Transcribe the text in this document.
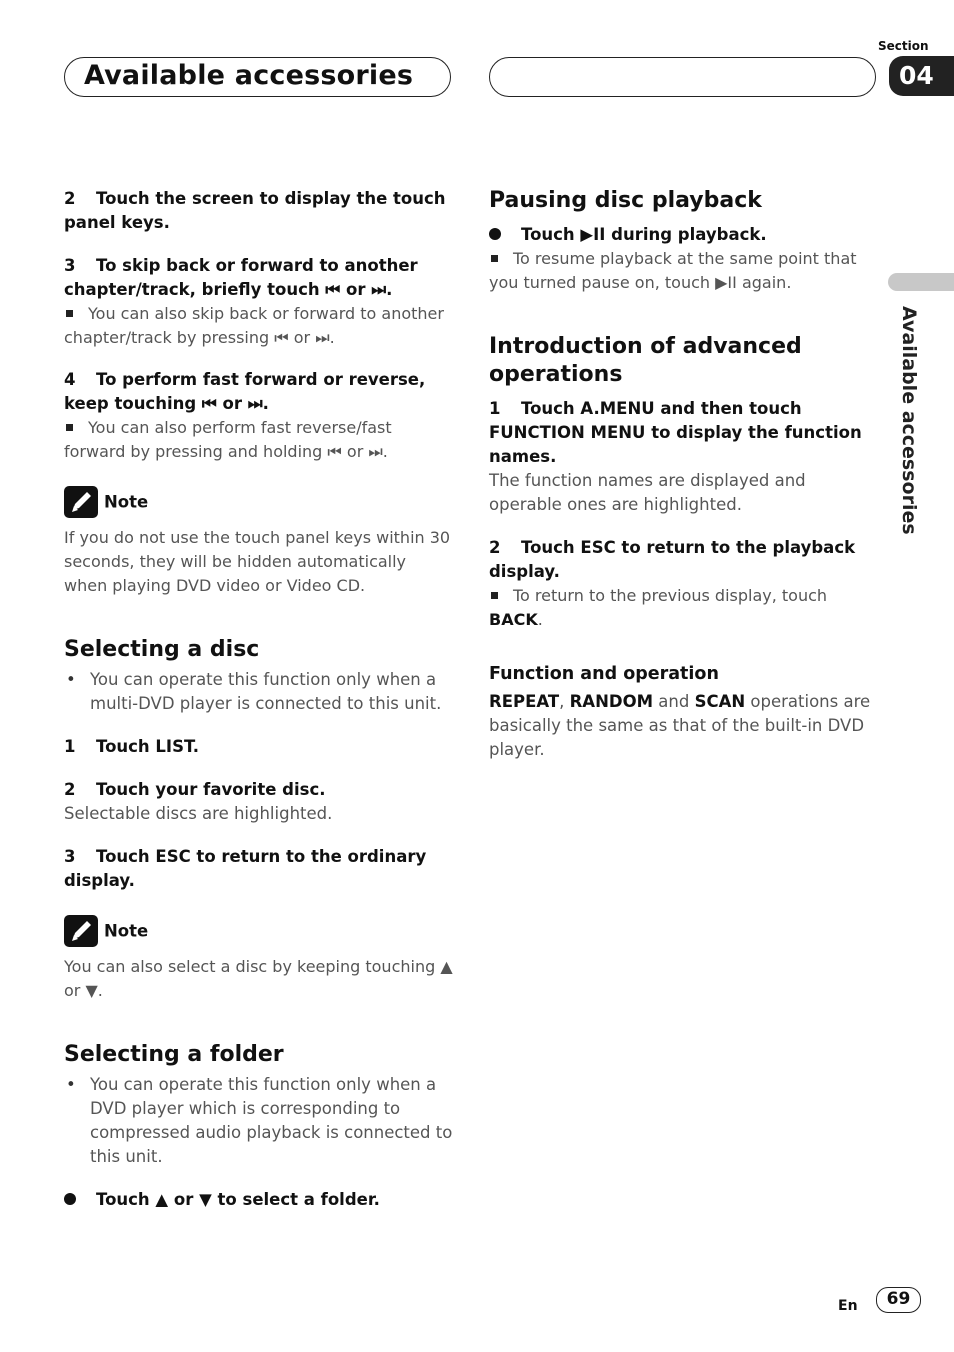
Available accessories
Section
04
Available accessories
2 Touch the screen to display the touch panel keys.
3 To skip back or forward to another chapter/track, briefly touch ⏮ or ⏭.
You can also skip back or forward to another chapter/track by pressing ⏮ or ⏭.
4 To perform fast forward or reverse, keep touching ⏮ or ⏭.
You can also perform fast reverse/fast forward by pressing and holding ⏮ or ⏭.
Note
If you do not use the touch panel keys within 30 seconds, they will be hidden automatically when playing DVD video or Video CD.
Selecting a disc
• You can operate this function only when a multi-DVD player is connected to this unit.
1 Touch LIST.
2 Touch your favorite disc.
Selectable discs are highlighted.
3 Touch ESC to return to the ordinary display.
Note
You can also select a disc by keeping touching ▲ or ▼.
Selecting a folder
• You can operate this function only when a DVD player which is corresponding to compressed audio playback is connected to this unit.
Touch ▲ or ▼ to select a folder.
Pausing disc playback
Touch ▶II during playback.
To resume playback at the same point that you turned pause on, touch ▶II again.
Introduction of advanced operations
1 Touch A.MENU and then touch FUNCTION MENU to display the function names.
The function names are displayed and operable ones are highlighted.
2 Touch ESC to return to the playback display.
To return to the previous display, touch BACK.
Function and operation
REPEAT, RANDOM and SCAN operations are basically the same as that of the built-in DVD player.
En	69
